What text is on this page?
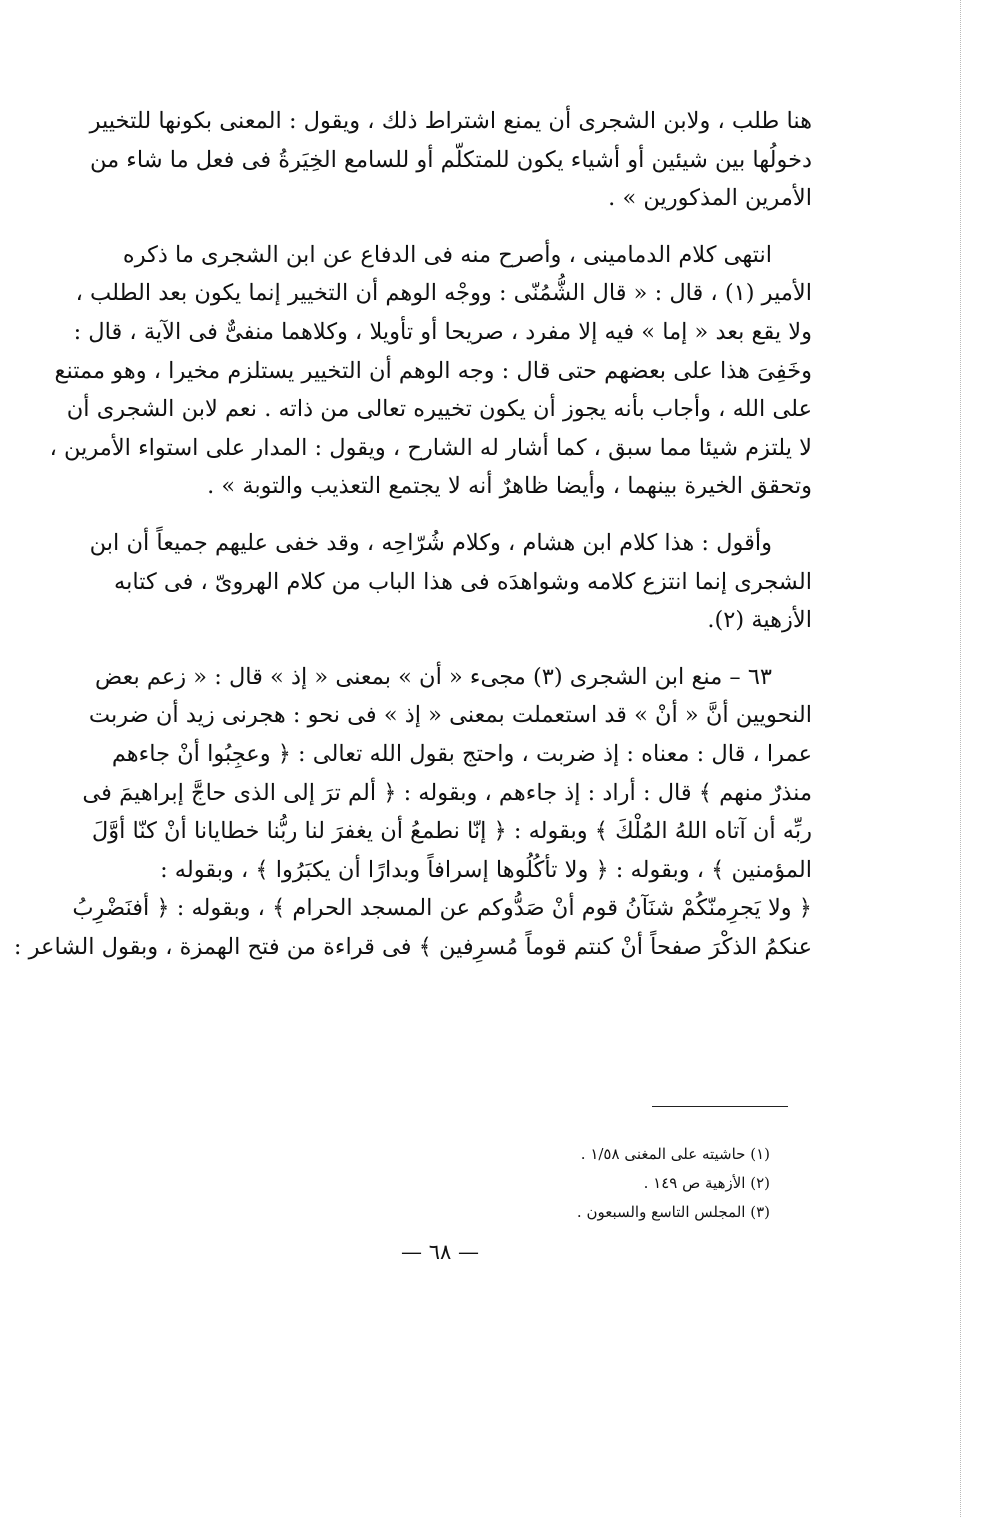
هنا طلب ، ولابن الشجرى أن يمنع اشتراط ذلك ، ويقول : المعنى بكونها للتخيير
دخولُها بين شيئين أو أشياء يكون للمتكلّم أو للسامع الخِيَرةُ فى فعل ما شاء من
الأمرين المذكورين » .

انتهى كلام الدمامينى ، وأصرح منه فى الدفاع عن ابن الشجرى ما ذكره
الأمير (١) ، قال : « قال الشُّمُنّى : ووجْه الوهم أن التخيير إنما يكون بعد الطلب ،
ولا يقع بعد « إما » فيه إلا مفرد ، صريحا أو تأويلا ، وكلاهما منفىٌّ فى الآية ، قال :
وخَفِىَ هذا على بعضهم حتى قال : وجه الوهم أن التخيير يستلزم مخيرا ، وهو ممتنع
على الله ، وأجاب بأنه يجوز أن يكون تخييره تعالى من ذاته . نعم لابن الشجرى أن
لا يلتزم شيئا مما سبق ، كما أشار له الشارح ، ويقول : المدار على استواء الأمرين ،
وتحقق الخيرة بينهما ، وأيضا ظاهرٌ أنه لا يجتمع التعذيب والتوبة » .

وأقول : هذا كلام ابن هشام ، وكلام شُرّاحِه ، وقد خفى عليهم جميعاً أن ابن
الشجرى إنما انتزع كلامه وشواهدَه فى هذا الباب من كلام الهروىّ ، فى كتابه
الأزهية (٢).

٦٣ – منع ابن الشجرى (٣) مجىء « أن » بمعنى « إذ » قال : « زعم بعض
النحويين أنَّ « أنْ » قد استعملت بمعنى « إذ » فى نحو : هجرنى زيد أن ضربت
عمرا ، قال : معناه : إذ ضربت ، واحتج بقول الله تعالى : ﴿ وعجِبُوا أنْ جاءهم
منذرٌ منهم ﴾ قال : أراد : إذ جاءهم ، وبقوله : ﴿ ألم ترَ إلى الذى حاجَّ إبراهيمَ فى
ربِّه أن آتاه اللهُ المُلْكَ ﴾ وبقوله : ﴿ إنّا نطمعُ أن يغفرَ لنا ربُّنا خطايانا أنْ كنّا أوَّلَ
المؤمنين ﴾ ، وبقوله : ﴿ ولا تأكُلُوها إسرافاً وبدارًا أن يكبَرُوا ﴾ ، وبقوله :
﴿ ولا يَجرِمنّكُمْ شنَآنُ قوم أنْ صَدُّوكم عن المسجد الحرام ﴾ ، وبقوله : ﴿ أفنَضْرِبُ
عنكمُ الذكْرَ صفحاً أنْ كنتم قوماً مُسرِفين ﴾ فى قراءة من فتح الهمزة ، وبقول الشاعر :

(١) حاشيته على المغنى ١/٥٨ .
(٢) الأزهية ص ١٤٩ .
(٣) المجلس التاسع والسبعون .
— ٦٨ —
